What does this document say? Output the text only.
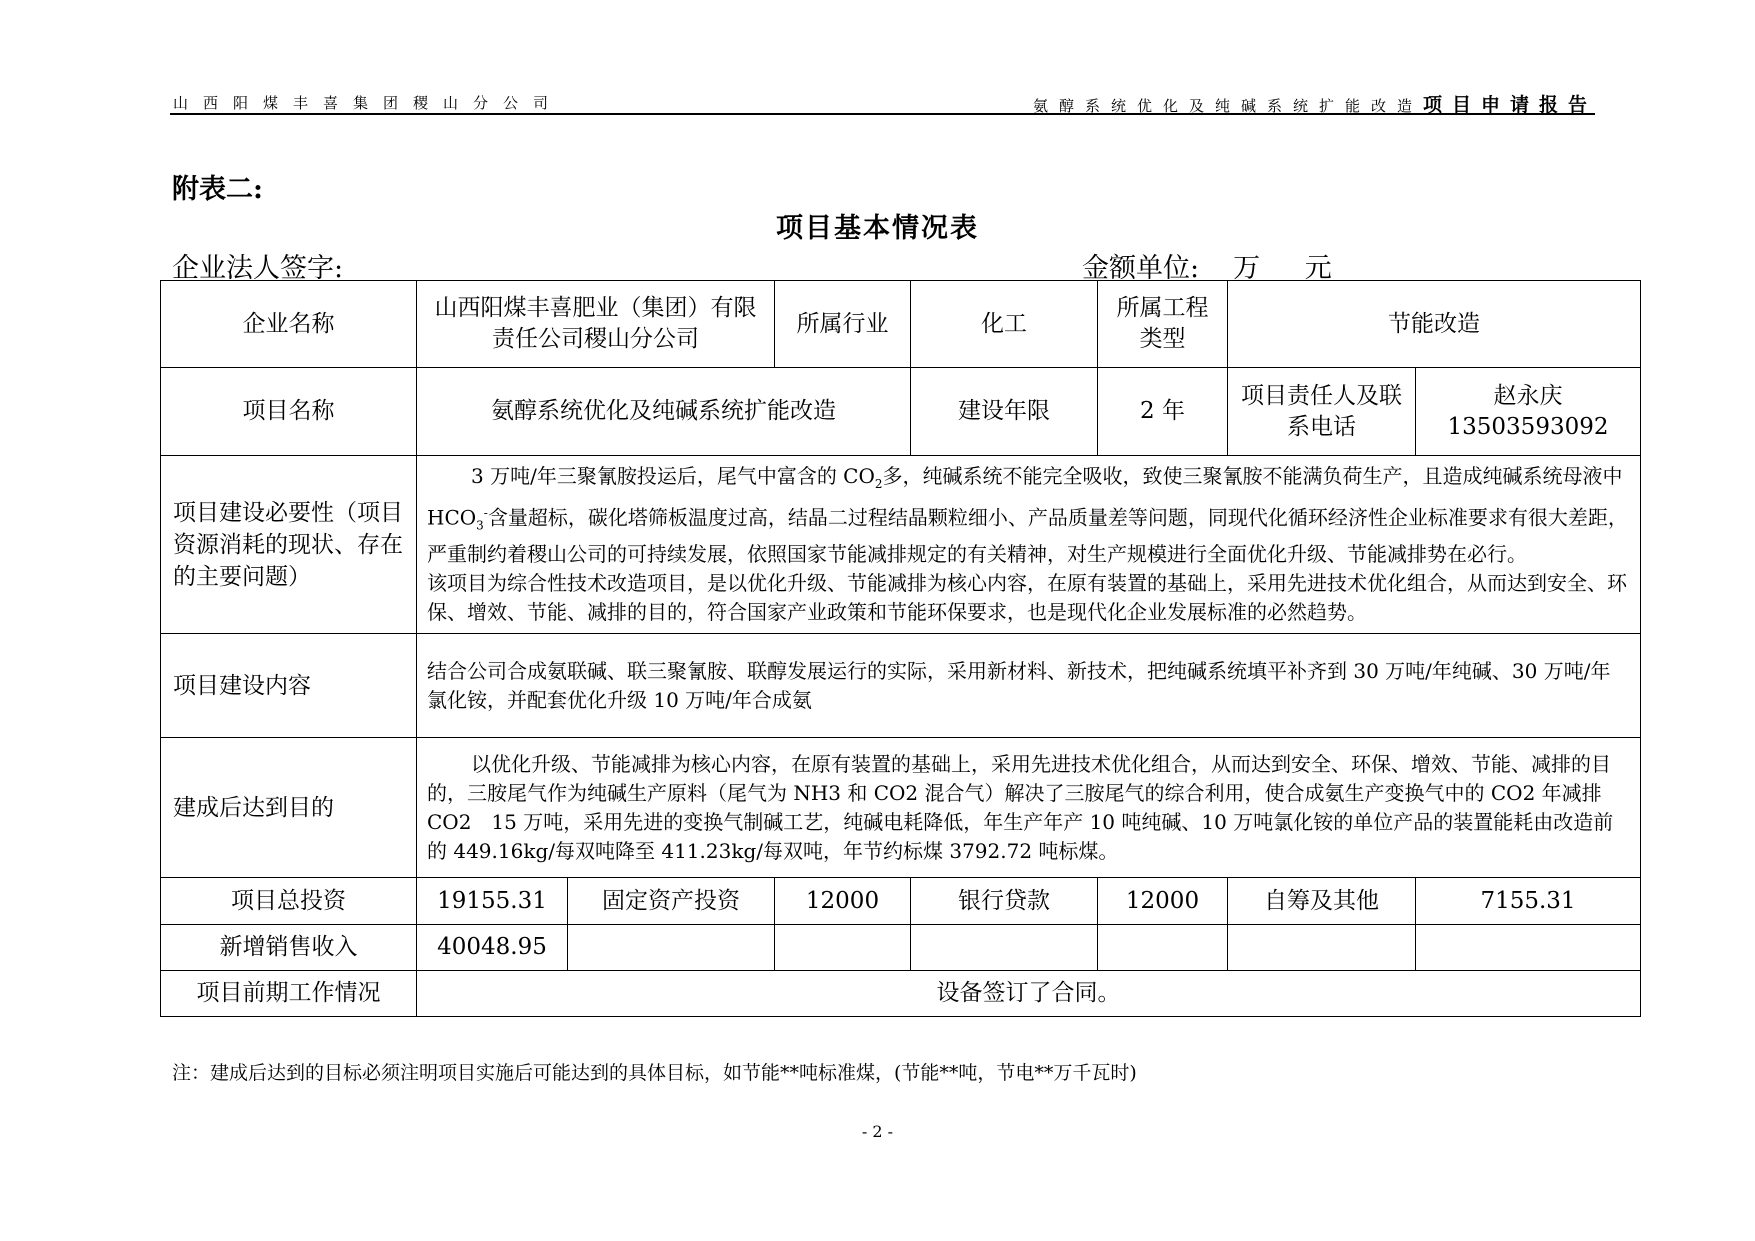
山西阳煤丰喜集团稷山分公司	氨醇系统优化及纯碱系统扩能改造项目申请报告
附表二:
项目基本情况表
企业法人签字:	金额单位: 万 元
企业名称	山西阳煤丰喜肥业（集团）有限责任公司稷山分公司		所属行业	化工	所属工程类型	节能改造	
项目名称	氨醇系统优化及纯碱系统扩能改造			建设年限	2 年	项目责任人及联系电话	赵永庆
13503593092

项目建设必要性（项目资源消耗的现状、存在的主要问题）	3 万吨/年三聚氰胺投运后，尾气中富含的 $CO_2$多，纯碱系统不能完全吸收，致使三聚氰胺不能满负荷生产，且造成纯碱系统母液中 $HCO_3^-$含量超标，碳化塔筛板温度过高，结晶二过程结晶颗粒细小、产品质量差等问题，同现代化循环经济性企业标准要求有很大差距，严重制约着稷山公司的可持续发展，依照国家节能减排规定的有关精神，对生产规模进行全面优化升级、节能减排势在必行。
该项目为综合性技术改造项目，是以优化升级、节能减排为核心内容，在原有装置的基础上，采用先进技术优化组合，从而达到安全、环保、增效、节能、减排的目的，符合国家产业政策和节能环保要求，也是现代化企业发展标准的必然趋势。						

项目建设内容	结合公司合成氨联碱、联三聚氰胺、联醇发展运行的实际，采用新材料、新技术，把纯碱系统填平补齐到 30 万吨/年纯碱、30 万吨/年氯化铵，并配套优化升级 10 万吨/年合成氨						
建成后达到目的	以优化升级、节能减排为核心内容，在原有装置的基础上，采用先进技术优化组合，从而达到安全、环保、增效、节能、减排的目的，三胺尾气作为纯碱生产原料（尾气为 NH3 和 CO2 混合气）解决了三胺尾气的综合利用，使合成氨生产变换气中的 CO2 年减排 CO2　15 万吨，采用先进的变换气制碱工艺，纯碱电耗降低，年生产年产 10 吨纯碱、10 万吨氯化铵的单位产品的装置能耗由改造前的 449.16kg/每双吨降至 411.23kg/每双吨，年节约标煤 3792.72 吨标煤。						
项目总投资	19155.31	固定资产投资	12000	银行贷款	12000	自筹及其他	7155.31
新增销售收入	40048.95						
项目前期工作情况	设备签订了合同。						
注：建成后达到的目标必须注明项目实施后可能达到的具体目标，如节能**吨标准煤，(节能**吨，节电**万千瓦时)
- 2 -
